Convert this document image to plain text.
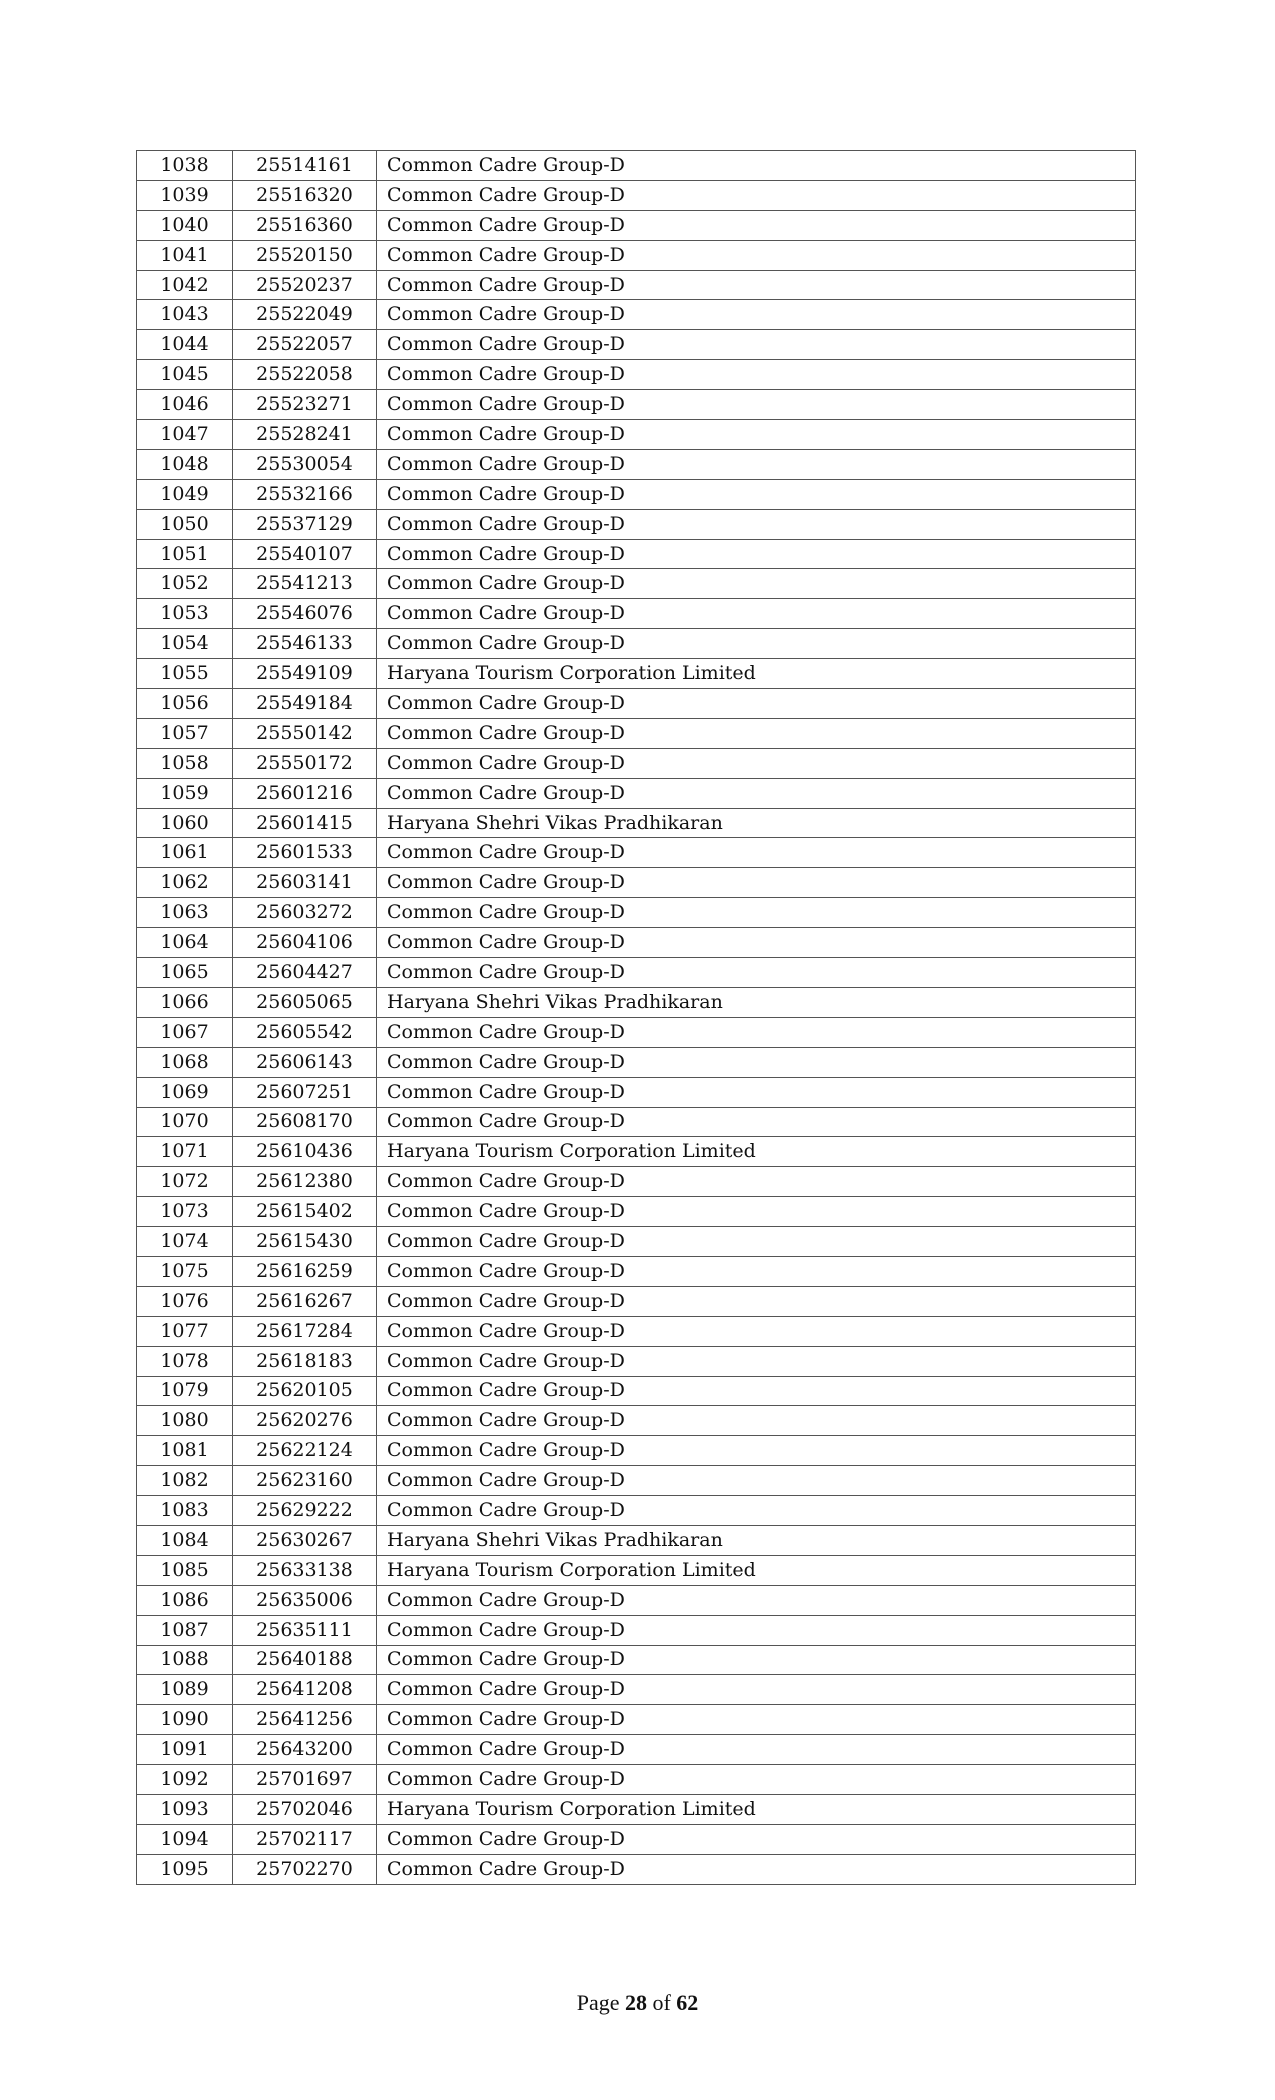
1038	25514161	Common Cadre Group-D
1039	25516320	Common Cadre Group-D
1040	25516360	Common Cadre Group-D
1041	25520150	Common Cadre Group-D
1042	25520237	Common Cadre Group-D
1043	25522049	Common Cadre Group-D
1044	25522057	Common Cadre Group-D
1045	25522058	Common Cadre Group-D
1046	25523271	Common Cadre Group-D
1047	25528241	Common Cadre Group-D
1048	25530054	Common Cadre Group-D
1049	25532166	Common Cadre Group-D
1050	25537129	Common Cadre Group-D
1051	25540107	Common Cadre Group-D
1052	25541213	Common Cadre Group-D
1053	25546076	Common Cadre Group-D
1054	25546133	Common Cadre Group-D
1055	25549109	Haryana Tourism Corporation Limited
1056	25549184	Common Cadre Group-D
1057	25550142	Common Cadre Group-D
1058	25550172	Common Cadre Group-D
1059	25601216	Common Cadre Group-D
1060	25601415	Haryana Shehri Vikas Pradhikaran
1061	25601533	Common Cadre Group-D
1062	25603141	Common Cadre Group-D
1063	25603272	Common Cadre Group-D
1064	25604106	Common Cadre Group-D
1065	25604427	Common Cadre Group-D
1066	25605065	Haryana Shehri Vikas Pradhikaran
1067	25605542	Common Cadre Group-D
1068	25606143	Common Cadre Group-D
1069	25607251	Common Cadre Group-D
1070	25608170	Common Cadre Group-D
1071	25610436	Haryana Tourism Corporation Limited
1072	25612380	Common Cadre Group-D
1073	25615402	Common Cadre Group-D
1074	25615430	Common Cadre Group-D
1075	25616259	Common Cadre Group-D
1076	25616267	Common Cadre Group-D
1077	25617284	Common Cadre Group-D
1078	25618183	Common Cadre Group-D
1079	25620105	Common Cadre Group-D
1080	25620276	Common Cadre Group-D
1081	25622124	Common Cadre Group-D
1082	25623160	Common Cadre Group-D
1083	25629222	Common Cadre Group-D
1084	25630267	Haryana Shehri Vikas Pradhikaran
1085	25633138	Haryana Tourism Corporation Limited
1086	25635006	Common Cadre Group-D
1087	25635111	Common Cadre Group-D
1088	25640188	Common Cadre Group-D
1089	25641208	Common Cadre Group-D
1090	25641256	Common Cadre Group-D
1091	25643200	Common Cadre Group-D
1092	25701697	Common Cadre Group-D
1093	25702046	Haryana Tourism Corporation Limited
1094	25702117	Common Cadre Group-D
1095	25702270	Common Cadre Group-D
Page 28 of 62
